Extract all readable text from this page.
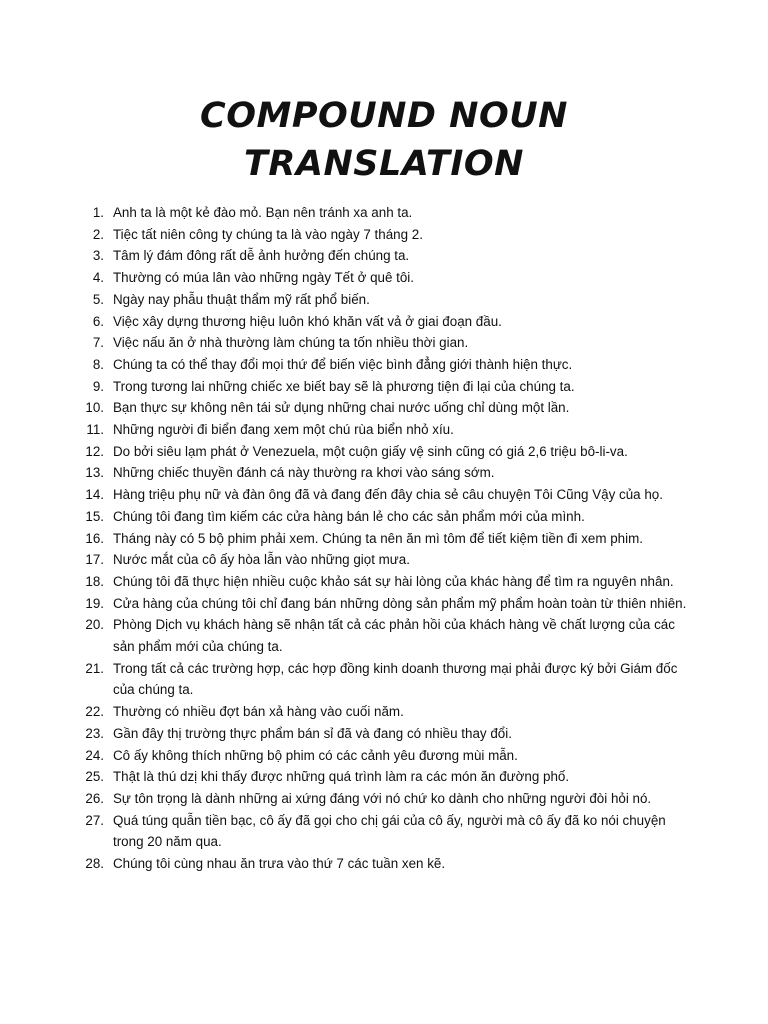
COMPOUND NOUN
TRANSLATION
1. Anh ta là một kẻ đào mỏ. Bạn nên tránh xa anh ta.
2. Tiệc tất niên công ty chúng ta là vào ngày 7 tháng 2.
3. Tâm lý đám đông rất dễ ảnh hưởng đến chúng ta.
4. Thường có múa lân vào những ngày Tết ở quê tôi.
5. Ngày nay phẫu thuật thẩm mỹ rất phổ biến.
6. Việc xây dựng thương hiệu luôn khó khăn vất vả ở giai đoạn đầu.
7. Việc nấu ăn ở nhà thường làm chúng ta tốn nhiều thời gian.
8. Chúng ta có thể thay đổi mọi thứ để biến việc bình đẳng giới thành hiện thực.
9. Trong tương lai những chiếc xe biết bay sẽ là phương tiện đi lại của chúng ta.
10. Bạn thực sự không nên tái sử dụng những chai nước uống chỉ dùng một lần.
11. Những người đi biển đang xem một chú rùa biển nhỏ xíu.
12. Do bởi siêu lạm phát ở Venezuela, một cuộn giấy vệ sinh cũng có giá 2,6 triệu bô-li-va.
13. Những chiếc thuyền đánh cá này thường ra khơi vào sáng sớm.
14. Hàng triệu phụ nữ và đàn ông đã và đang đến đây chia sẻ câu chuyện Tôi Cũng Vậy của họ.
15. Chúng tôi đang tìm kiếm các cửa hàng bán lẻ cho các sản phẩm mới của mình.
16. Tháng này có 5 bộ phim phải xem. Chúng ta nên ăn mì tôm để tiết kiệm tiền đi xem phim.
17. Nước mắt của cô ấy hòa lẫn vào những giọt mưa.
18. Chúng tôi đã thực hiện nhiều cuộc khảo sát sự hài lòng của khác hàng để tìm ra nguyên nhân.
19. Cửa hàng của chúng tôi chỉ đang bán những dòng sản phẩm mỹ phẩm hoàn toàn từ thiên nhiên.
20. Phòng Dịch vụ khách hàng sẽ nhận tất cả các phản hồi của khách hàng về chất lượng của các sản phẩm mới của chúng ta.
21. Trong tất cả các trường hợp, các hợp đồng kinh doanh thương mại phải được ký bởi Giám đốc của chúng ta.
22. Thường có nhiều đợt bán xả hàng vào cuối năm.
23. Gần đây thị trường thực phẩm bán sỉ đã và đang có nhiều thay đổi.
24. Cô ấy không thích những bộ phim có các cảnh yêu đương mùi mẫn.
25. Thật là thú dzị khi thấy được những quá trình làm ra các món ăn đường phố.
26. Sự tôn trọng là dành những ai xứng đáng với nó chứ ko dành cho những người đòi hỏi nó.
27. Quá túng quẫn tiền bạc, cô ấy đã gọi cho chị gái của cô ấy, người mà cô ấy đã ko nói chuyện trong 20 năm qua.
28. Chúng tôi cùng nhau ăn trưa vào thứ 7 các tuần xen kẽ.
